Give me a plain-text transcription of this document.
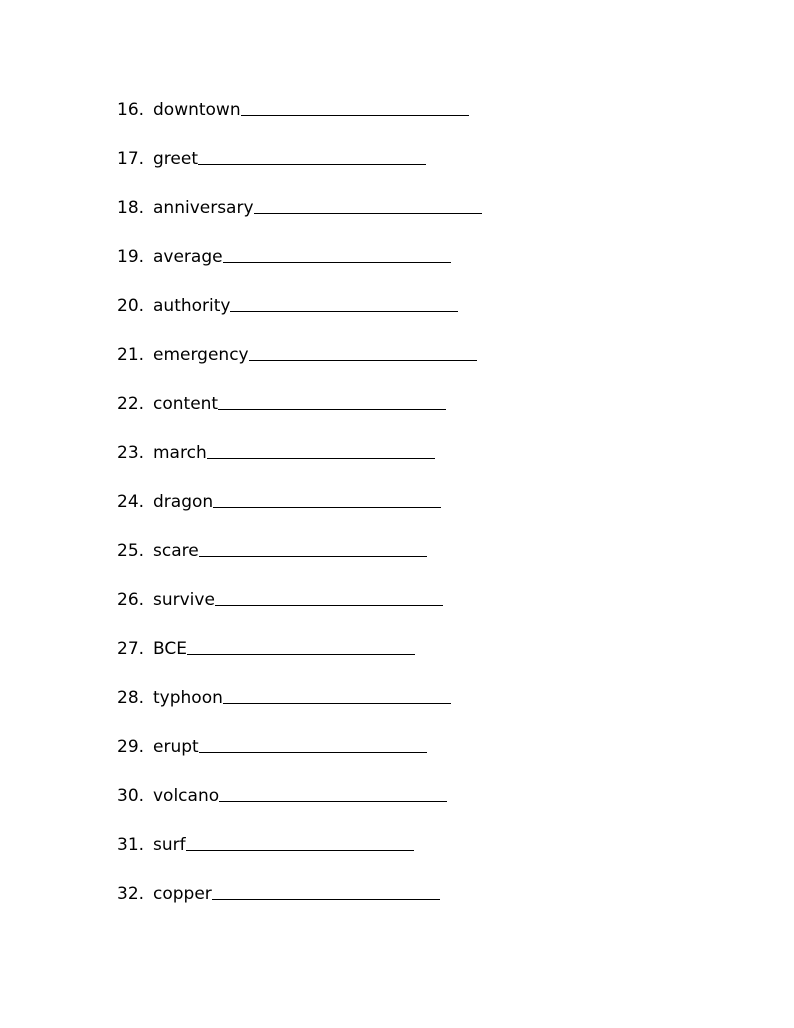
16. downtown
17. greet
18. anniversary
19. average
20. authority
21. emergency
22. content
23. march
24. dragon
25. scare
26. survive
27. BCE
28. typhoon
29. erupt
30. volcano
31. surf
32. copper
